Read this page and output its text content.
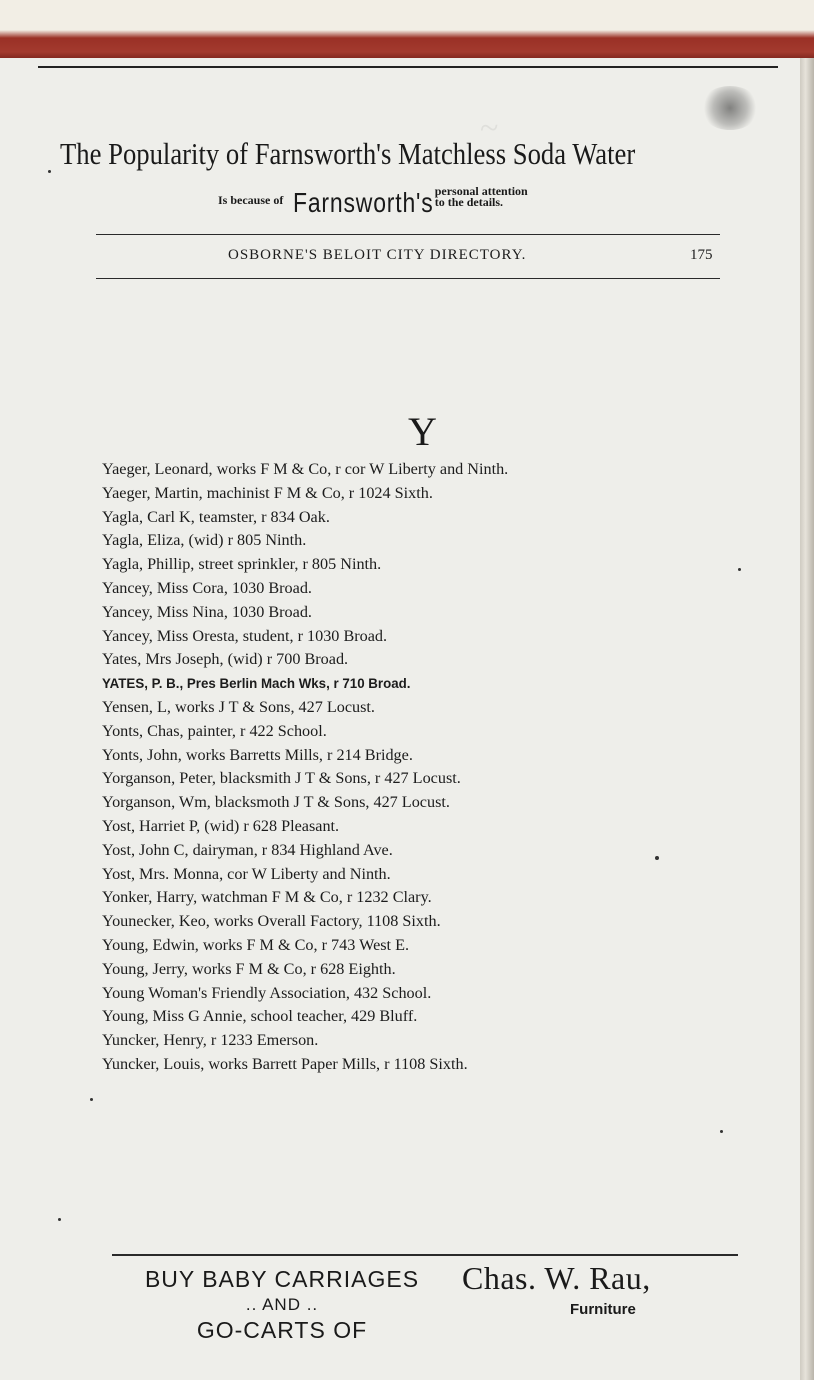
~
The Popularity of Farnsworth's Matchless Soda Water
$^{Is because of}$ Farnsworth's personal attention
to the details.
OSBORNE'S BELOIT CITY DIRECTORY.	175
Y
Yaeger, Leonard, works F M & Co, r cor W Liberty and Ninth.
Yaeger, Martin, machinist F M & Co, r 1024 Sixth.
Yagla, Carl K, teamster, r 834 Oak.
Yagla, Eliza, (wid) r 805 Ninth.
Yagla, Phillip, street sprinkler, r 805 Ninth.
Yancey, Miss Cora, 1030 Broad.
Yancey, Miss Nina, 1030 Broad.
Yancey, Miss Oresta, student, r 1030 Broad.
Yates, Mrs Joseph, (wid) r 700 Broad.
YATES, P. B., Pres Berlin Mach Wks, r 710 Broad.
Yensen, L, works J T & Sons, 427 Locust.
Yonts, Chas, painter, r 422 School.
Yonts, John, works Barretts Mills, r 214 Bridge.
Yorganson, Peter, blacksmith J T & Sons, r 427 Locust.
Yorganson, Wm, blacksmoth J T & Sons, 427 Locust.
Yost, Harriet P, (wid) r 628 Pleasant.
Yost, John C, dairyman, r 834 Highland Ave.
Yost, Mrs. Monna, cor W Liberty and Ninth.
Yonker, Harry, watchman F M & Co, r 1232 Clary.
Younecker, Keo, works Overall Factory, 1108 Sixth.
Young, Edwin, works F M & Co, r 743 West E.
Young, Jerry, works F M & Co, r 628 Eighth.
Young Woman's Friendly Association, 432 School.
Young, Miss G Annie, school teacher, 429 Bluff.
Yuncker, Henry, r 1233 Emerson.
Yuncker, Louis, works Barrett Paper Mills, r 1108 Sixth.
BUY BABY CARRIAGES
.. AND ..
GO-CARTS OF
Chas. W. Rau,
Furniture
